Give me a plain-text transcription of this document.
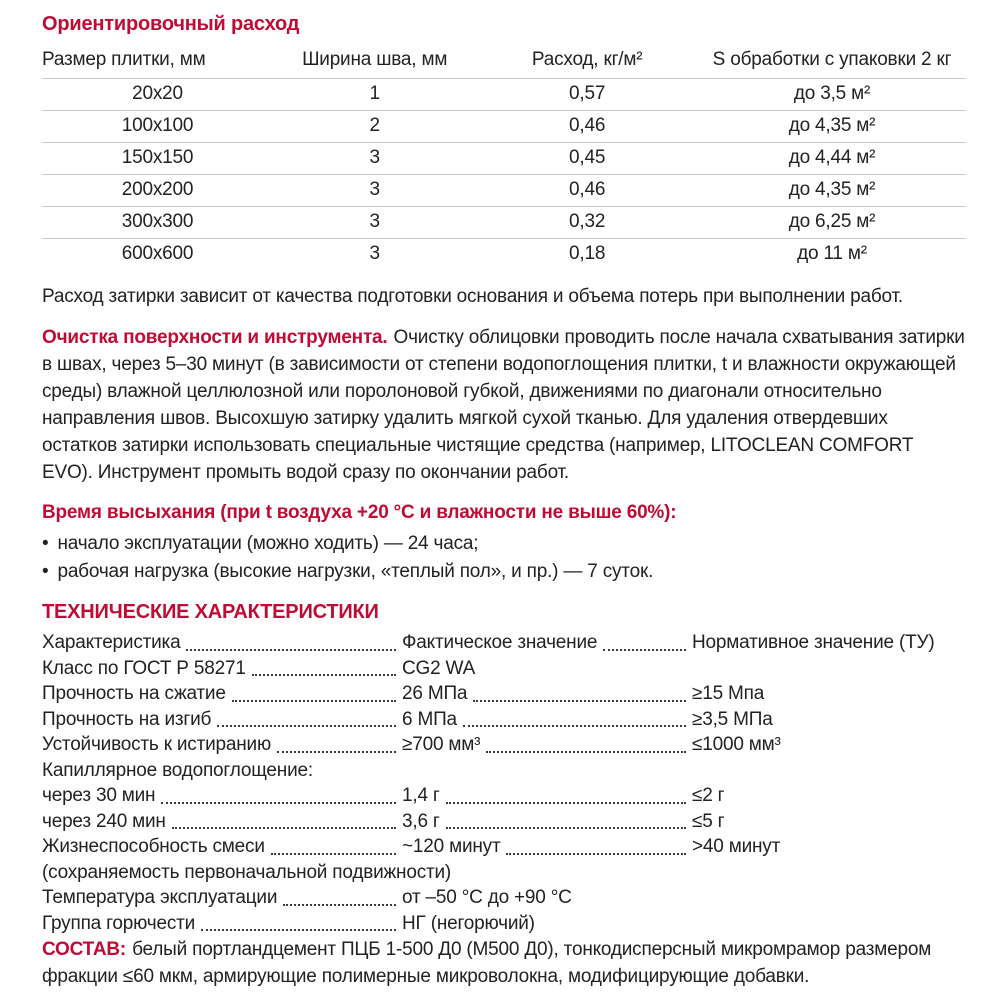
Ориентировочный расход
Размер плитки, мм	Ширина шва, мм	Расход, кг/м²	S обработки с упаковки 2 кг
20x20	1	0,57	до 3,5 м²
100x100	2	0,46	до 4,35 м²
150x150	3	0,45	до 4,44 м²
200x200	3	0,46	до 4,35 м²
300x300	3	0,32	до 6,25 м²
600x600	3	0,18	до 11 м²

Расход затирки зависит от качества подготовки основания и объема потерь при выполнении работ.

Очистка поверхности и инструмента. Очистку облицовки проводить после начала схватывания затирки в швах, через 5–30 минут (в зависимости от степени водопоглощения плитки, t и влажности окружающей среды) влажной целлюлозной или поролоновой губкой, движениями по диагонали относительно направления швов. Высохшую затирку удалить мягкой сухой тканью. Для удаления отвердевших остатков затирки использовать специальные чистящие средства (например, LITOCLEAN COMFORT EVO). Инструмент промыть водой сразу по окончании работ.

Время высыхания (при t воздуха +20 °С и влажности не выше 60%):
• начало эксплуатации (можно ходить) — 24 часа;
• рабочая нагрузка (высокие нагрузки, «теплый пол», и пр.) — 7 суток.
ТЕХНИЧЕСКИЕ ХАРАКТЕРИСТИКИ
Характеристика	Фактическое значение	Нормативное значение (ТУ)
Класс по ГОСТ Р 58271	CG2 WA
Прочность на сжатие	26 МПа	≥15 Мпа
Прочность на изгиб	6 МПа	≥3,5 МПа
Устойчивость к истиранию	≥700 мм³	≤1000 мм³
Капиллярное водопоглощение:
через 30 мин	1,4 г	≤2 г
через 240 мин	3,6 г	≤5 г
Жизнеспособность смеси	~120 минут	>40 минут
(сохраняемость первоначальной подвижности)
Температура эксплуатации	от –50 °С до +90 °С
Группа горючести	НГ (негорючий)

СОСТАВ: белый портландцемент ПЦБ 1-500 Д0 (М500 Д0), тонкодисперсный микромрамор размером фракции ≤60 мкм, армирующие полимерные микроволокна, модифицирующие добавки.
